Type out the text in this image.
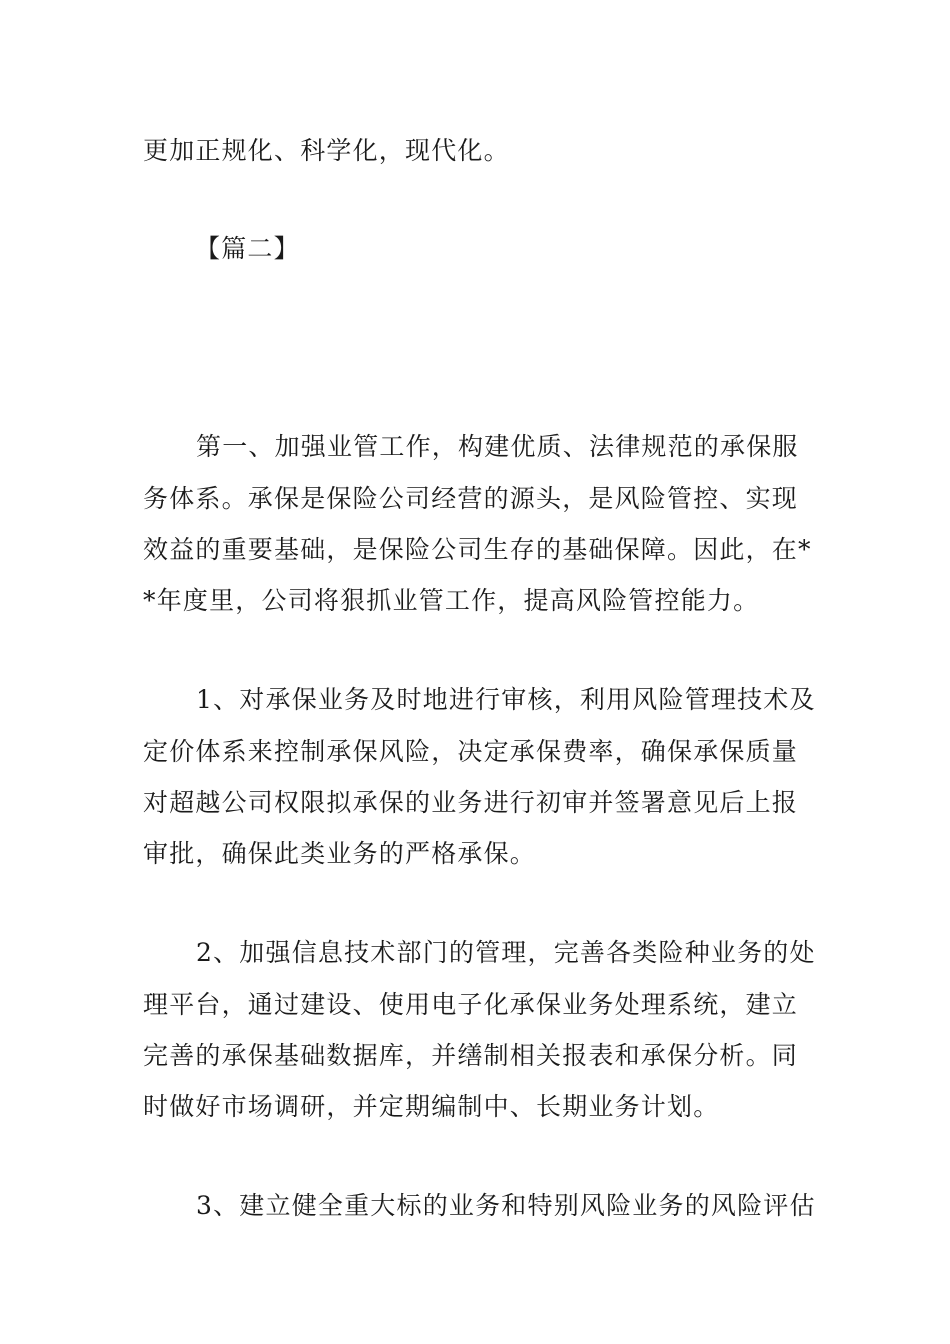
更加正规化、科学化，现代化。
【篇二】
第一、加强业管工作，构建优质、法律规范的承保服
务体系。承保是保险公司经营的源头，是风险管控、实现
效益的重要基础，是保险公司生存的基础保障。因此，在*
*年度里，公司将狠抓业管工作，提高风险管控能力。
1、对承保业务及时地进行审核，利用风险管理技术及
定价体系来控制承保风险，决定承保费率，确保承保质量
对超越公司权限拟承保的业务进行初审并签署意见后上报
审批，确保此类业务的严格承保。
2、加强信息技术部门的管理，完善各类险种业务的处
理平台，通过建设、使用电子化承保业务处理系统，建立
完善的承保基础数据库，并缮制相关报表和承保分析。同
时做好市场调研，并定期编制中、长期业务计划。
3、建立健全重大标的业务和特别风险业务的风险评估
